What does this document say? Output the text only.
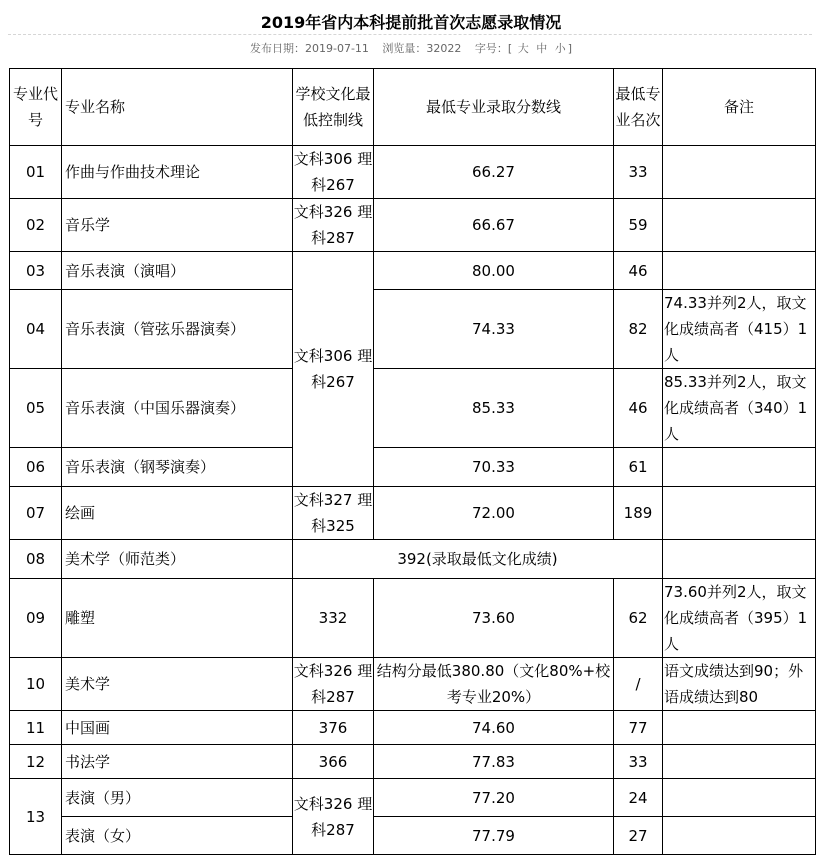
2019年省内本科提前批首次志愿录取情况
发布日期：2019-07-11 浏览量：32022 字号：[ 大 中 小 ]
专业代号	专业名称	学校文化最低控制线	最低专业录取分数线	最低专业名次	备注
01	作曲与作曲技术理论	文科306 理科267	66.27	33	
02	音乐学	文科326 理科287	66.67	59	
03	音乐表演（演唱）	文科306 理科267	80.00	46	
04	音乐表演（管弦乐器演奏）		74.33	82	74.33并列2人，取文化成绩高者（415）1人
05	音乐表演（中国乐器演奏）		85.33	46	85.33并列2人，取文化成绩高者（340）1人
06	音乐表演（钢琴演奏）		70.33	61	
07	绘画	文科327 理科325	72.00	189	
08	美术学（师范类）	392(录取最低文化成绩)			
09	雕塑	332	73.60	62	73.60并列2人，取文化成绩高者（395）1人
10	美术学	文科326 理科287	结构分最低380.80（文化80%+校考专业20%）	/	语文成绩达到90；外语成绩达到80
11	中国画	376	74.60	77	
12	书法学	366	77.83	33	
13	表演（男）	文科326 理科287	77.20	24	
	表演（女）		77.79	27	
